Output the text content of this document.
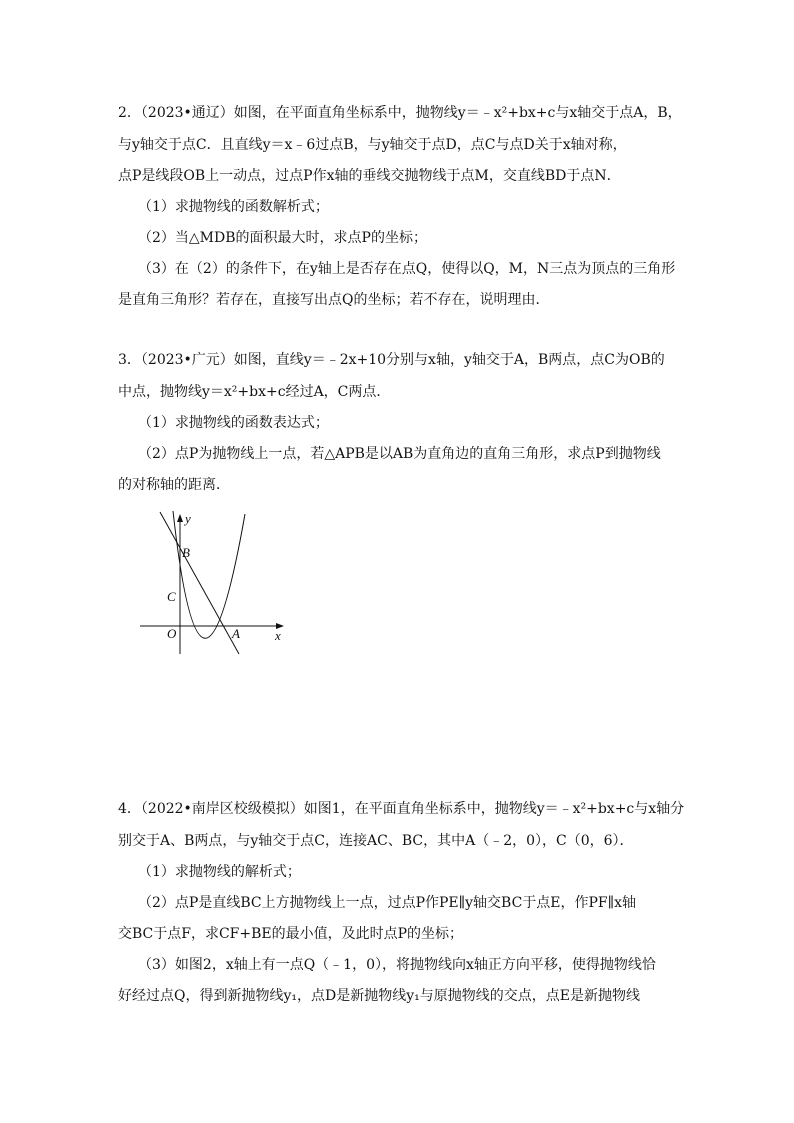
2．（2023•通辽）如图，在平面直角坐标系中，抛物线y＝﹣x²+bx+c与x轴交于点A，B，
与y轴交于点C．且直线y＝x﹣6过点B，与y轴交于点D，点C与点D关于x轴对称，
点P是线段OB上一动点，过点P作x轴的垂线交抛物线于点M，交直线BD于点N．
（1）求抛物线的函数解析式；
（2）当△MDB的面积最大时，求点P的坐标；
（3）在（2）的条件下，在y轴上是否存在点Q，使得以Q，M，N三点为顶点的三角形
是直角三角形？若存在，直接写出点Q的坐标；若不存在，说明理由．
3．（2023•广元）如图，直线y＝﹣2x+10分别与x轴，y轴交于A，B两点，点C为OB的
中点，抛物线y＝x²+bx+c经过A，C两点．
（1）求抛物线的函数表达式；
（2）点P为抛物线上一点，若△APB是以AB为直角边的直角三角形，求点P到抛物线
的对称轴的距离．
y
x
O
B
C
A
4．（2022•南岸区校级模拟）如图1，在平面直角坐标系中，抛物线y＝﹣x²+bx+c与x轴分
别交于A、B两点，与y轴交于点C，连接AC、BC，其中A（﹣2，0），C（0，6）．
（1）求抛物线的解析式；
（2）点P是直线BC上方抛物线上一点，过点P作PE∥y轴交BC于点E，作PF∥x轴
交BC于点F，求CF+BE的最小值，及此时点P的坐标；
（3）如图2，x轴上有一点Q（﹣1，0），将抛物线向x轴正方向平移，使得抛物线恰
好经过点Q，得到新抛物线y₁，点D是新抛物线y₁与原抛物线的交点，点E是新抛物线
